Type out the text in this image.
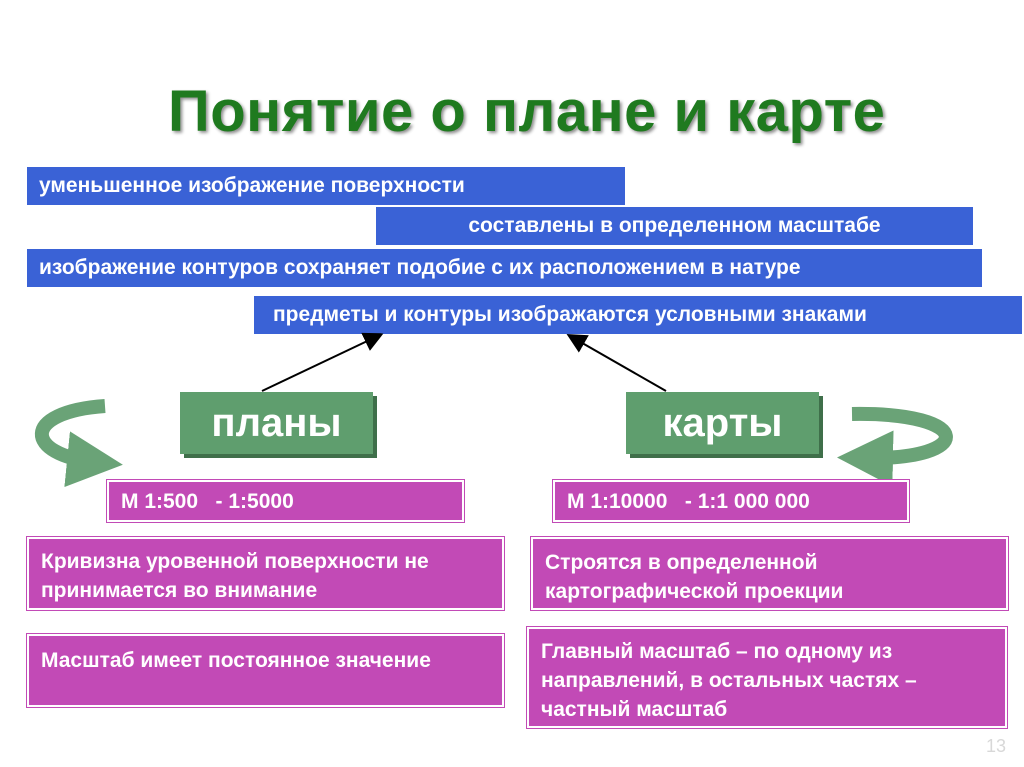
Понятие о плане и карте
уменьшенное изображение поверхности
составлены в определенном масштабе
изображение контуров сохраняет подобие с их расположением в натуре
предметы и контуры изображаются условными знаками
планы	карты
М 1:500   - 1:5000	М 1:10000   - 1:1 000 000
Кривизна уровенной поверхности не принимается во внимание
Масштаб имеет постоянное значение
Строятся в определенной картографической проекции
Главный масштаб – по одному из направлений, в остальных частях – частный масштаб
13
